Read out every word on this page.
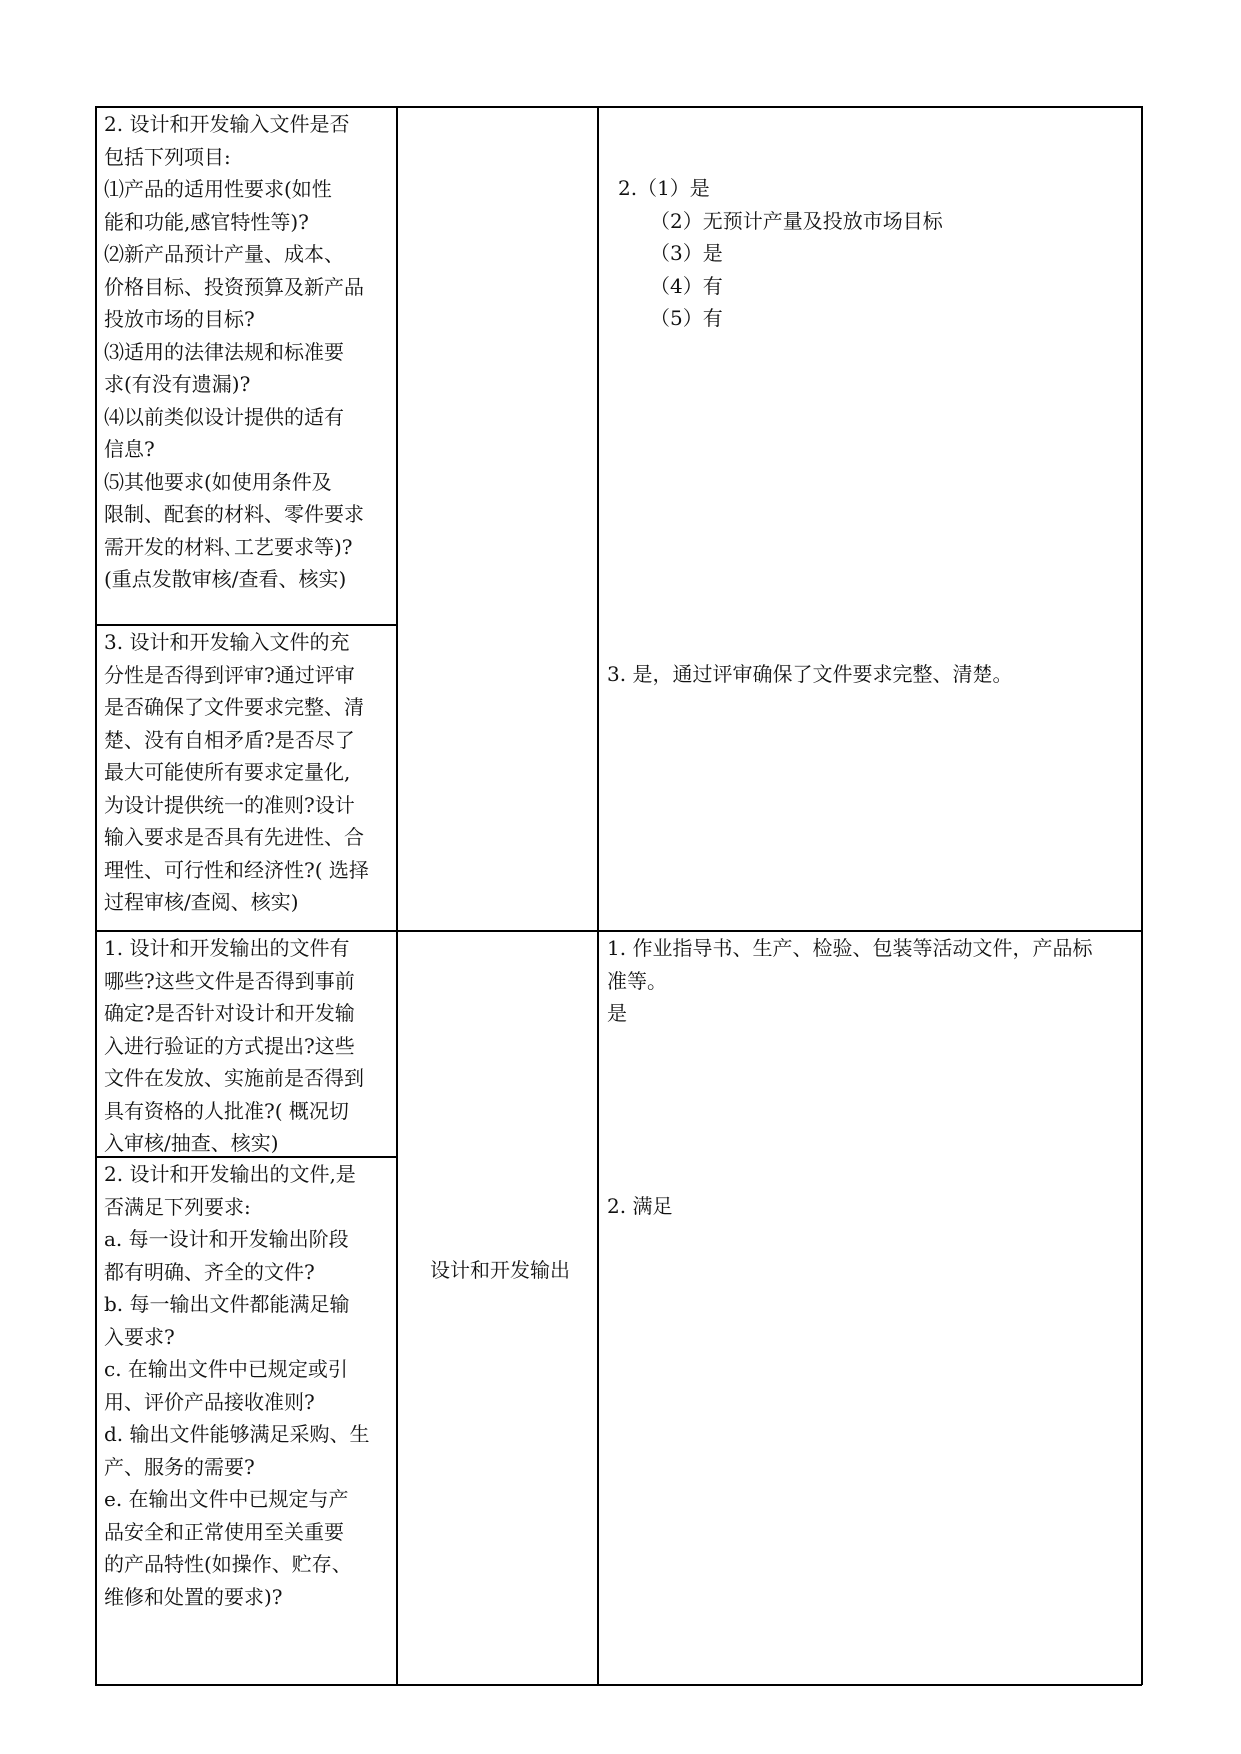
2. 设计和开发输入文件是否
包括下列项目:
⑴产品的适用性要求(如性
能和功能,感官特性等)?
⑵新产品预计产量、成本、
价格目标、投资预算及新产品
投放市场的目标?
⑶适用的法律法规和标准要
求(有没有遗漏)?
⑷以前类似设计提供的适有
信息?
⑸其他要求(如使用条件及
限制、配套的材料、零件要求
需开发的材料､工艺要求等)?
(重点发散审核/查看、核实)
2.（1）是
（2）无预计产量及投放市场目标
（3）是
（4）有
（5）有
3. 设计和开发输入文件的充
分性是否得到评审?通过评审
是否确保了文件要求完整、清
楚、没有自相矛盾?是否尽了
最大可能使所有要求定量化,
为设计提供统一的准则?设计
输入要求是否具有先进性、合
理性、可行性和经济性?( 选择
过程审核/查阅、核实)
3. 是，通过评审确保了文件要求完整、清楚。
设计和开发输出
1. 设计和开发输出的文件有
哪些?这些文件是否得到事前
确定?是否针对设计和开发输
入进行验证的方式提出?这些
文件在发放、实施前是否得到
具有资格的人批准?( 概况切
入审核/抽查、核实)
1. 作业指导书、生产、检验、包装等活动文件，产品标
准等。
是
2. 设计和开发输出的文件,是
否满足下列要求:
a. 每一设计和开发输出阶段
都有明确、齐全的文件?
b. 每一输出文件都能满足输
入要求?
c. 在输出文件中已规定或引
用、评价产品接收准则?
d. 输出文件能够满足采购、生
产、服务的需要?
e. 在输出文件中已规定与产
品安全和正常使用至关重要
的产品特性(如操作、贮存、
维修和处置的要求)?
2. 满足
